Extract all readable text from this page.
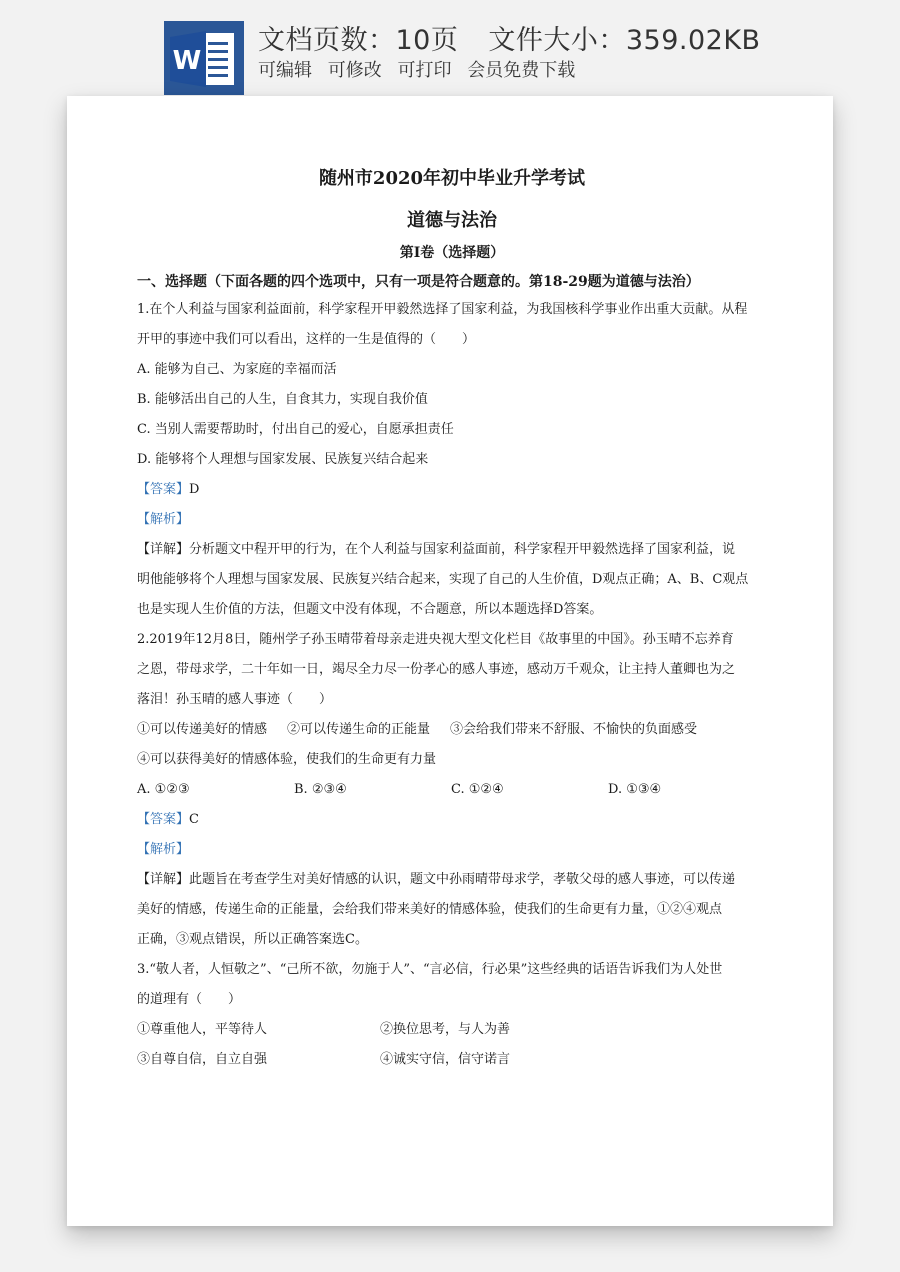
W
文档页数：10页 文件大小：359.02KB
可编辑 可修改 可打印 会员免费下载
随州市2020年初中毕业升学考试
道德与法治
第Ⅰ卷（选择题）
一、选择题（下面各题的四个选项中，只有一项是符合题意的。第18-29题为道德与法治）
1.在个人利益与国家利益面前，科学家程开甲毅然选择了国家利益，为我国核科学事业作出重大贡献。从程
开甲的事迹中我们可以看出，这样的一生是值得的（　　）
A. 能够为自己、为家庭的幸福而活
B. 能够活出自己的人生，自食其力，实现自我价值
C. 当别人需要帮助时，付出自己的爱心，自愿承担责任
D. 能够将个人理想与国家发展、民族复兴结合起来
【答案】D
【解析】
【详解】分析题文中程开甲的行为，在个人利益与国家利益面前，科学家程开甲毅然选择了国家利益，说
明他能够将个人理想与国家发展、民族复兴结合起来，实现了自己的人生价值，D观点正确；A、B、C观点
也是实现人生价值的方法，但题文中没有体现，不合题意，所以本题选择D答案。
2.2019年12月8日，随州学子孙玉晴带着母亲走进央视大型文化栏目《故事里的中国》。孙玉晴不忘养育
之恩，带母求学，二十年如一日，竭尽全力尽一份孝心的感人事迹，感动万千观众，让主持人董卿也为之
落泪！孙玉晴的感人事迹（　　）
①可以传递美好的情感 ②可以传递生命的正能量 ③会给我们带来不舒服、不愉快的负面感受
④可以获得美好的情感体验，使我们的生命更有力量
A. ①②③	B. ②③④	C. ①②④	D. ①③④
【答案】C
【解析】
【详解】此题旨在考查学生对美好情感的认识，题文中孙雨晴带母求学，孝敬父母的感人事迹，可以传递
美好的情感，传递生命的正能量，会给我们带来美好的情感体验，使我们的生命更有力量，①②④观点
正确，③观点错误，所以正确答案选C。
3.“敬人者，人恒敬之”、“己所不欲，勿施于人”、“言必信，行必果”这些经典的话语告诉我们为人处世
的道理有（　　）
①尊重他人，平等待人	②换位思考，与人为善
③自尊自信，自立自强	④诚实守信，信守诺言
